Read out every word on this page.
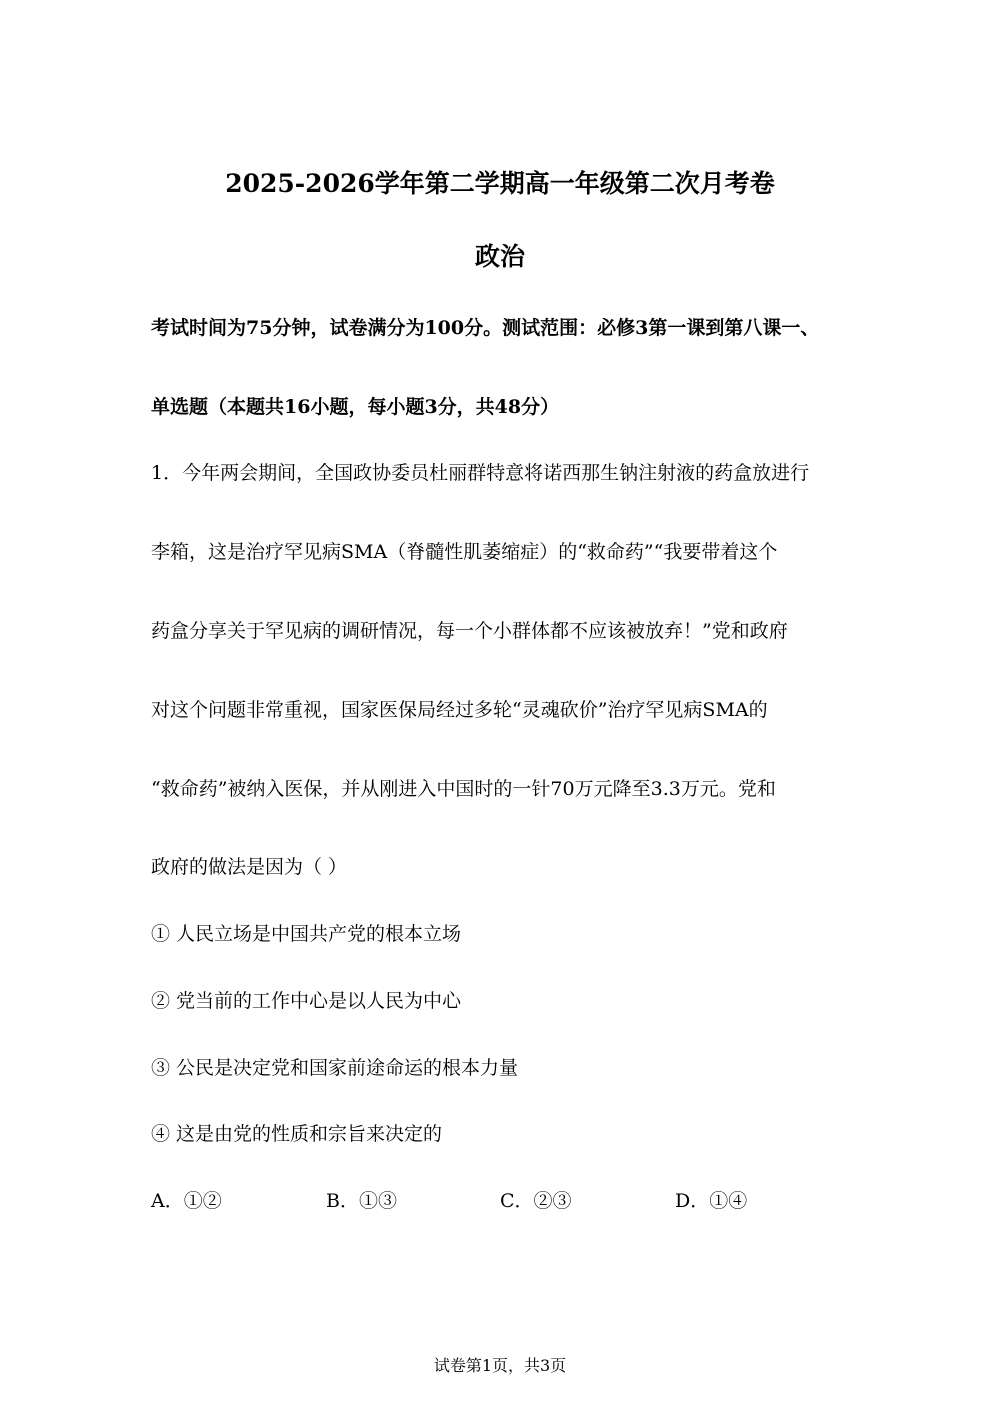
2025-2026学年第二学期高一年级第二次月考卷
政治
考试时间为75分钟，试卷满分为100分。测试范围：必修3第一课到第八课一、
单选题（本题共16小题，每小题3分，共48分）
1．今年两会期间，全国政协委员杜丽群特意将诺西那生钠注射液的药盒放进行
李箱，这是治疗罕见病SMA（脊髓性肌萎缩症）的“救命药”“我要带着这个
药盒分享关于罕见病的调研情况，每一个小群体都不应该被放弃！”党和政府
对这个问题非常重视，国家医保局经过多轮“灵魂砍价”治疗罕见病SMA的
“救命药”被纳入医保，并从刚进入中国时的一针70万元降至3.3万元。党和
政府的做法是因为（ ）
① 人民立场是中国共产党的根本立场
② 党当前的工作中心是以人民为中心
③ 公民是决定党和国家前途命运的根本力量
④ 这是由党的性质和宗旨来决定的
A．①②	B．①③	C．②③	D．①④
试卷第1页，共3页
